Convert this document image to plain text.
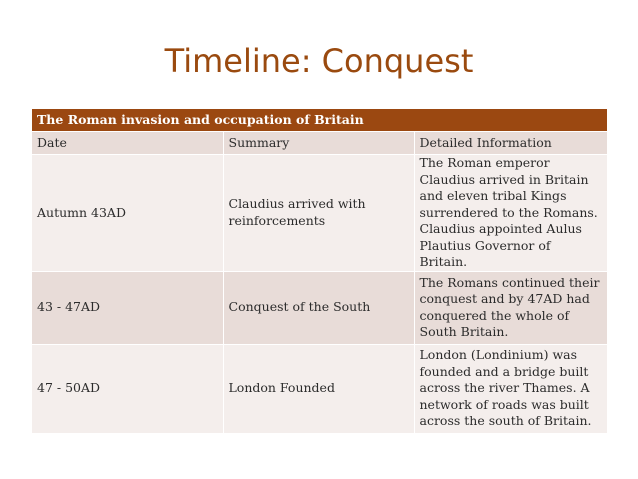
Timeline: Conquest
The Roman invasion and occupation of Britain		
Date	Summary	Detailed Information
Autumn 43AD	Claudius arrived with reinforcements	The Roman emperor Claudius arrived in Britain and eleven tribal Kings surrendered to the Romans. Claudius appointed Aulus Plautius Governor of Britain.
43 - 47AD	Conquest of the South	The Romans continued their conquest and by 47AD had conquered the whole of South Britain.
47 - 50AD	London Founded	London (Londinium) was founded and a bridge built across the river Thames. A network of roads was built across the south of Britain.
